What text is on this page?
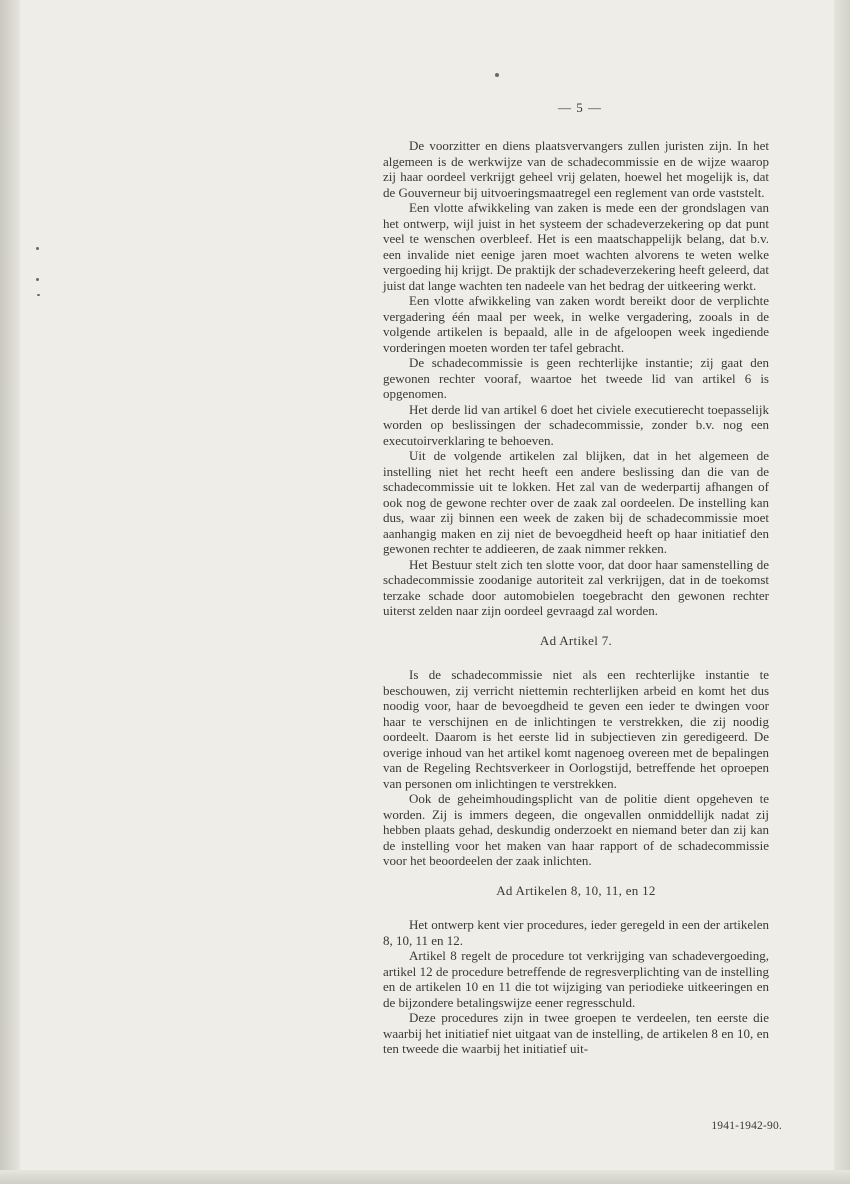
— 5 —

De voorzitter en diens plaatsvervangers zullen juristen zijn. In het algemeen is de werkwijze van de schadecommissie en de wijze waarop zij haar oordeel verkrijgt geheel vrij gelaten, hoewel het mogelijk is, dat de Gouverneur bij uitvoeringsmaatregel een reglement van orde vaststelt.

Een vlotte afwikkeling van zaken is mede een der grondslagen van het ontwerp, wijl juist in het systeem der schadeverzekering op dat punt veel te wenschen overbleef. Het is een maatschappelijk belang, dat b.v. een invalide niet eenige jaren moet wachten alvorens te weten welke vergoeding hij krijgt. De praktijk der schadeverzekering heeft geleerd, dat juist dat lange wachten ten nadeele van het bedrag der uitkeering werkt.

Een vlotte afwikkeling van zaken wordt bereikt door de verplichte vergadering één maal per week, in welke vergadering, zooals in de volgende artikelen is bepaald, alle in de afgeloopen week ingediende vorderingen moeten worden ter tafel gebracht.

De schadecommissie is geen rechterlijke instantie; zij gaat den gewonen rechter vooraf, waartoe het tweede lid van artikel 6 is opgenomen.

Het derde lid van artikel 6 doet het civiele executierecht toepasselijk worden op beslissingen der schadecommissie, zonder b.v. nog een executoirverklaring te behoeven.

Uit de volgende artikelen zal blijken, dat in het algemeen de instelling niet het recht heeft een andere beslissing dan die van de schadecommissie uit te lokken. Het zal van de wederpartij afhangen of ook nog de gewone rechter over de zaak zal oordeelen. De instelling kan dus, waar zij binnen een week de zaken bij de schadecommissie moet aanhangig maken en zij niet de bevoegdheid heeft op haar initiatief den gewonen rechter te addieeren, de zaak nimmer rekken.

Het Bestuur stelt zich ten slotte voor, dat door haar samenstelling de schadecommissie zoodanige autoriteit zal verkrijgen, dat in de toekomst terzake schade door automobielen toegebracht den gewonen rechter uiterst zelden naar zijn oordeel gevraagd zal worden.

Ad Artikel 7.

Is de schadecommissie niet als een rechterlijke instantie te beschouwen, zij verricht niettemin rechterlijken arbeid en komt het dus noodig voor, haar de bevoegdheid te geven een ieder te dwingen voor haar te verschijnen en de inlichtingen te verstrekken, die zij noodig oordeelt. Daarom is het eerste lid in subjectieven zin geredigeerd. De overige inhoud van het artikel komt nagenoeg overeen met de bepalingen van de Regeling Rechtsverkeer in Oorlogstijd, betreffende het oproepen van personen om inlichtingen te verstrekken.

Ook de geheimhoudingsplicht van de politie dient opgeheven te worden. Zij is immers degeen, die ongevallen onmiddellijk nadat zij hebben plaats gehad, deskundig onderzoekt en niemand beter dan zij kan de instelling voor het maken van haar rapport of de schadecommissie voor het beoordeelen der zaak inlichten.

Ad Artikelen 8, 10, 11, en 12

Het ontwerp kent vier procedures, ieder geregeld in een der artikelen 8, 10, 11 en 12.

Artikel 8 regelt de procedure tot verkrijging van schadevergoeding, artikel 12 de procedure betreffende de regresverplichting van de instelling en de artikelen 10 en 11 die tot wijziging van periodieke uitkeeringen en de bijzondere betalingswijze eener regresschuld.

Deze procedures zijn in twee groepen te verdeelen, ten eerste die waarbij het initiatief niet uitgaat van de instelling, de artikelen 8 en 10, en ten tweede die waarbij het initiatief uit-

1941-1942-90.
